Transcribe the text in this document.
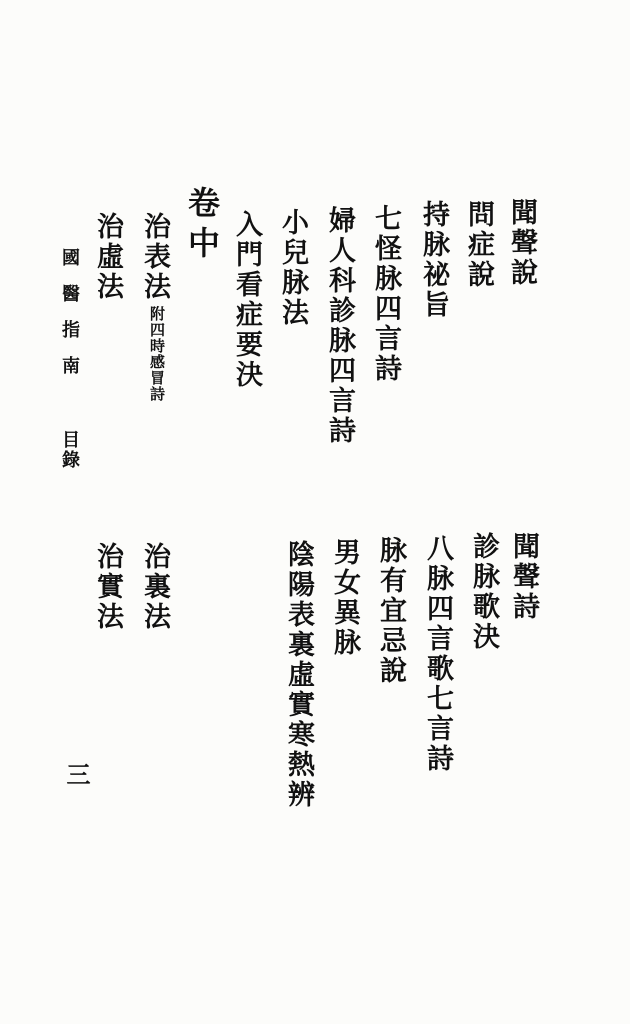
聞聲說
問症說
持脉祕旨
七怪脉四言詩
婦人科診脉四言詩
小兒脉法
入門看症要決
卷中
治表法
附四時感冒詩
治虛法
國醫指南
目錄
聞聲詩
診脉歌決
八脉四言歌七言詩
脉有宜忌說
男女異脉
陰陽表裏虛實寒熱辨
治裏法
治實法
三
